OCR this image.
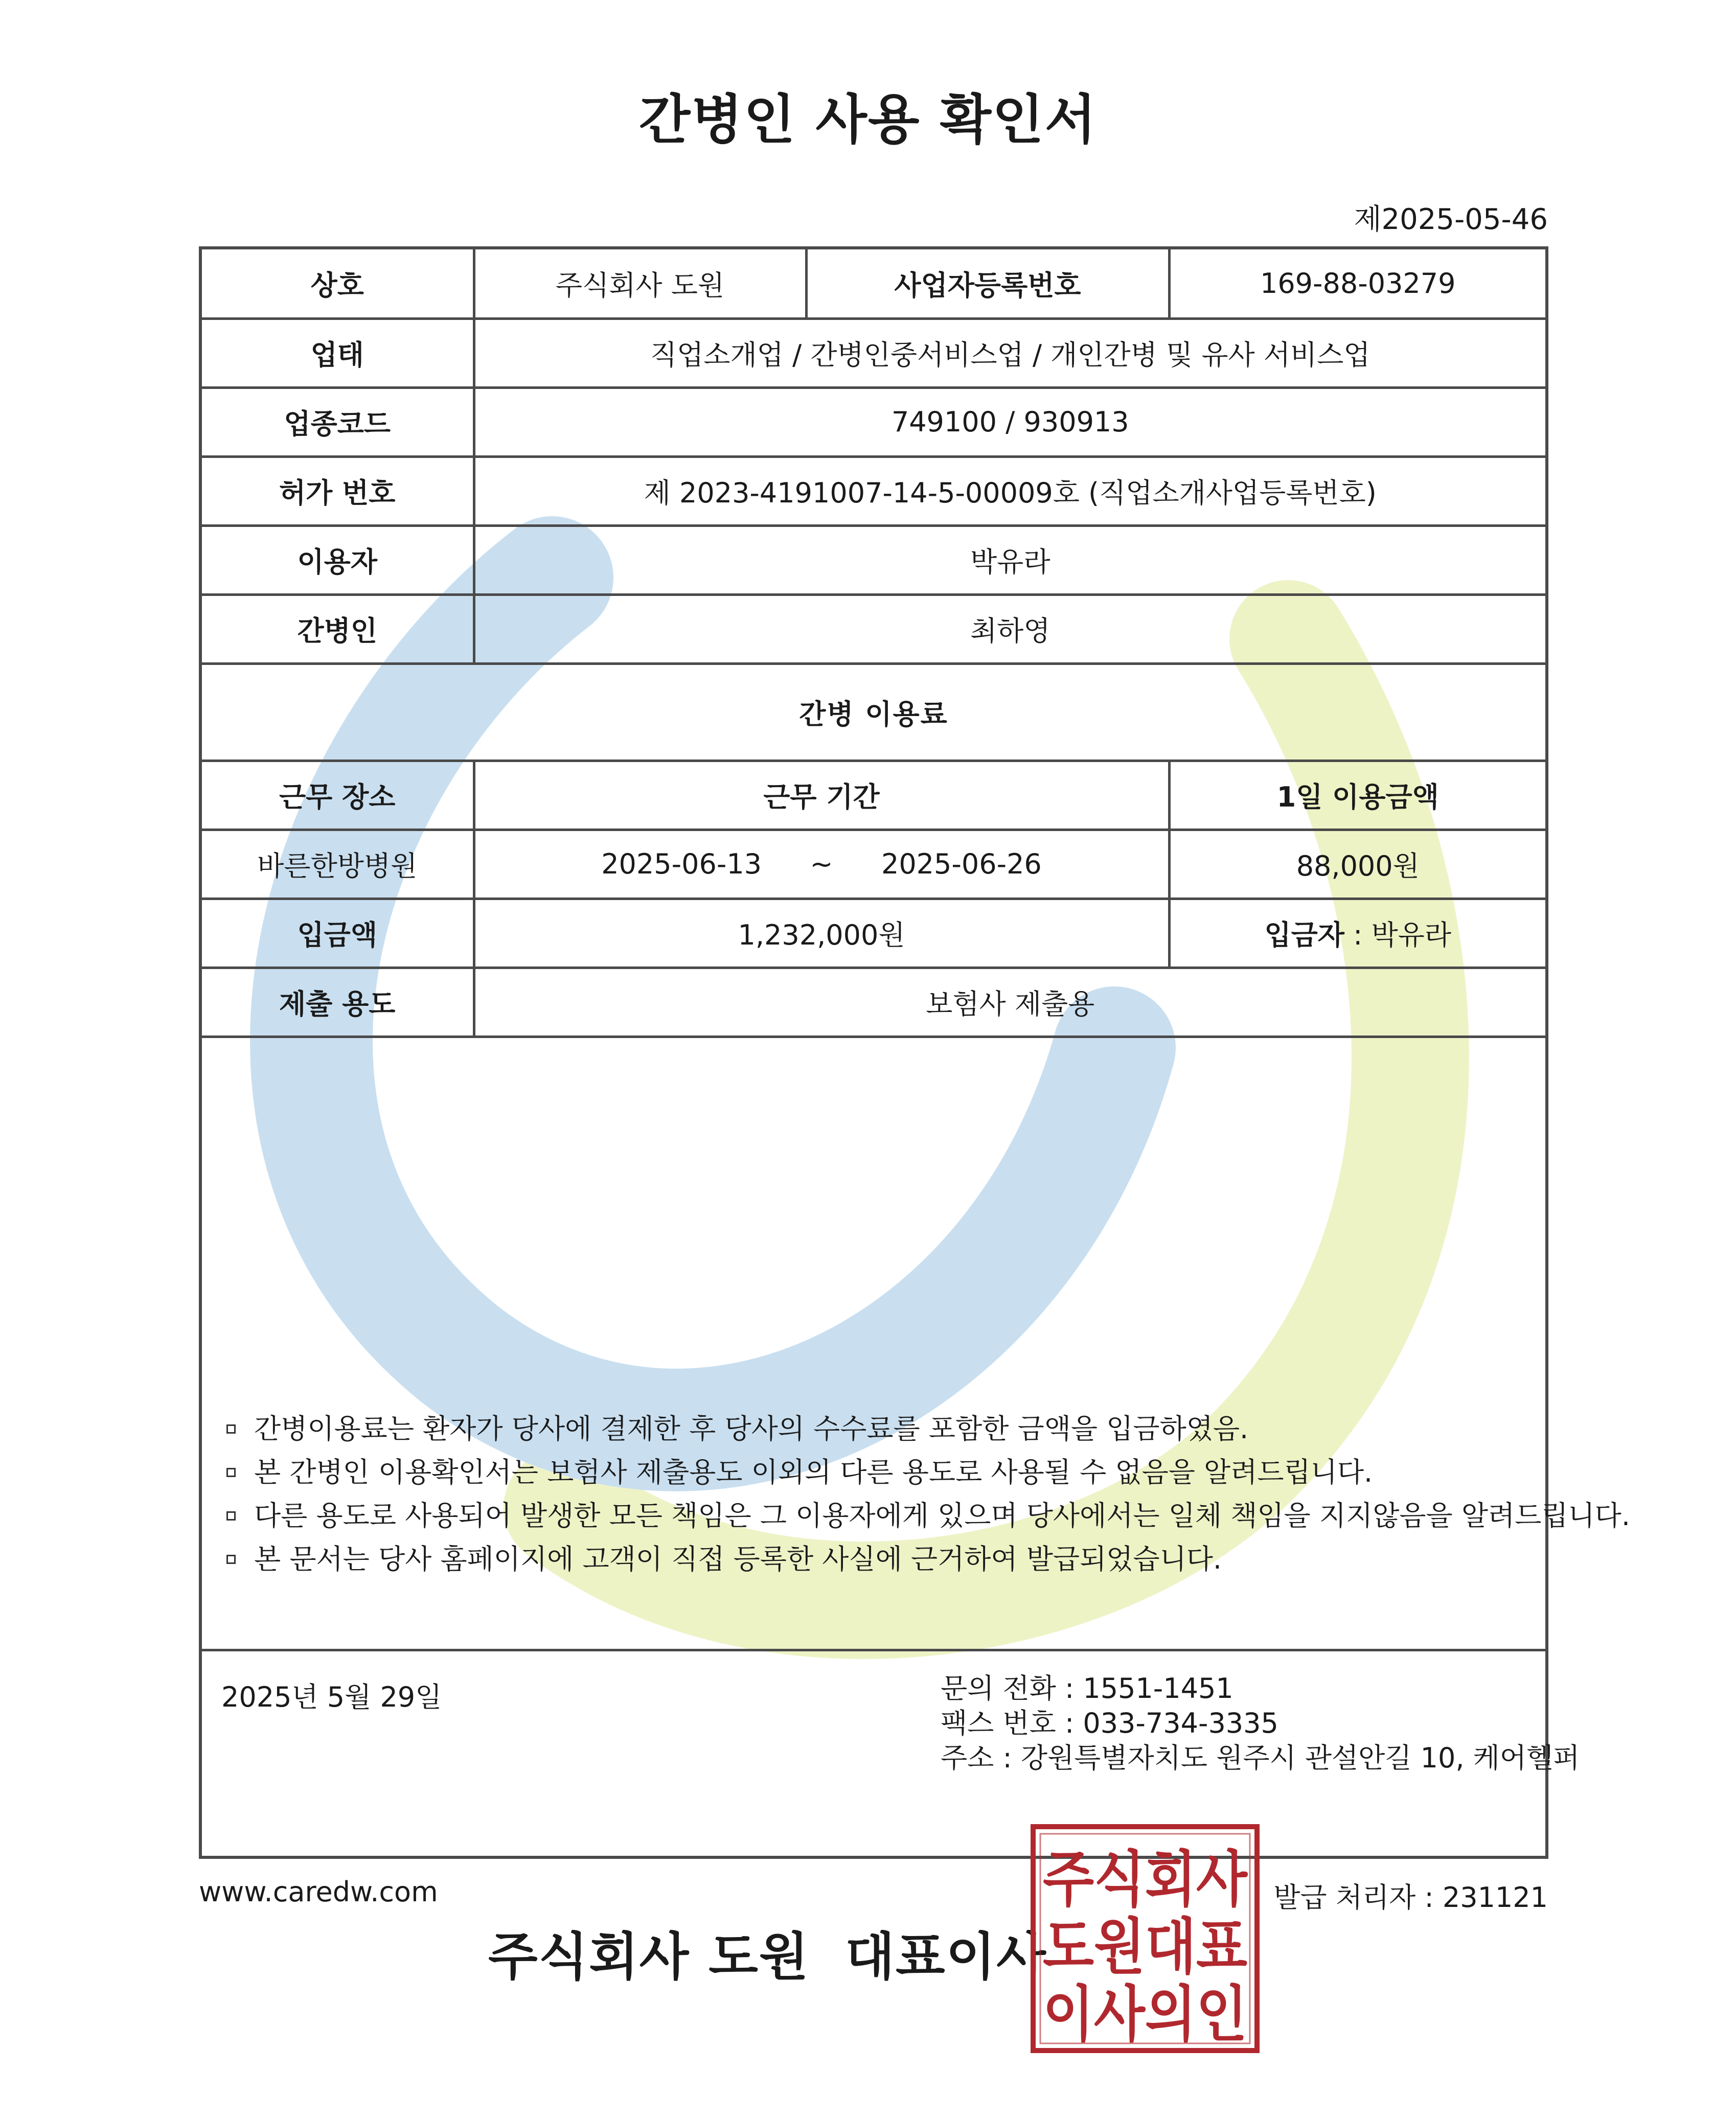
간병인 사용 확인서
제2025-05-46
상호	주식회사 도원	사업자등록번호	169-88-03279
업태	직업소개업 / 간병인중서비스업 / 개인간병 및 유사 서비스업		
업종코드	749100 / 930913		
허가 번호	제 2023-4191007-14-5-00009호 (직업소개사업등록번호)		
이용자	박유라		
간병인	최하영		
간병 이용료			
근무 장소	근무 기간		1일 이용금액
바른한방병원	2025-06-13 ~ 2025-06-26		88,000원
입금액	1,232,000원		입금자 : 박유라
제출 용도	보험사 제출용		
간병이용료는 환자가 당사에 결제한 후 당사의 수수료를 포함한 금액을 입금하였음.
본 간병인 이용확인서는 보험사 제출용도 이외의 다른 용도로 사용될 수 없음을 알려드립니다.
다른 용도로 사용되어 발생한 모든 책임은 그 이용자에게 있으며 당사에서는 일체 책임을 지지않음을 알려드립니다.
본 문서는 당사 홈페이지에 고객이 직접 등록한 사실에 근거하여 발급되었습니다.
2025년 5월 29일	문의 전화 : 1551-1451
팩스 번호 : 033-734-3335
주소 : 강원특별자치도 원주시 관설안길 10, 케어헬퍼
주식회사 도원 대표이사
주식회사
도원대표
이사의인
www.caredw.com	발급 처리자 : 231121
